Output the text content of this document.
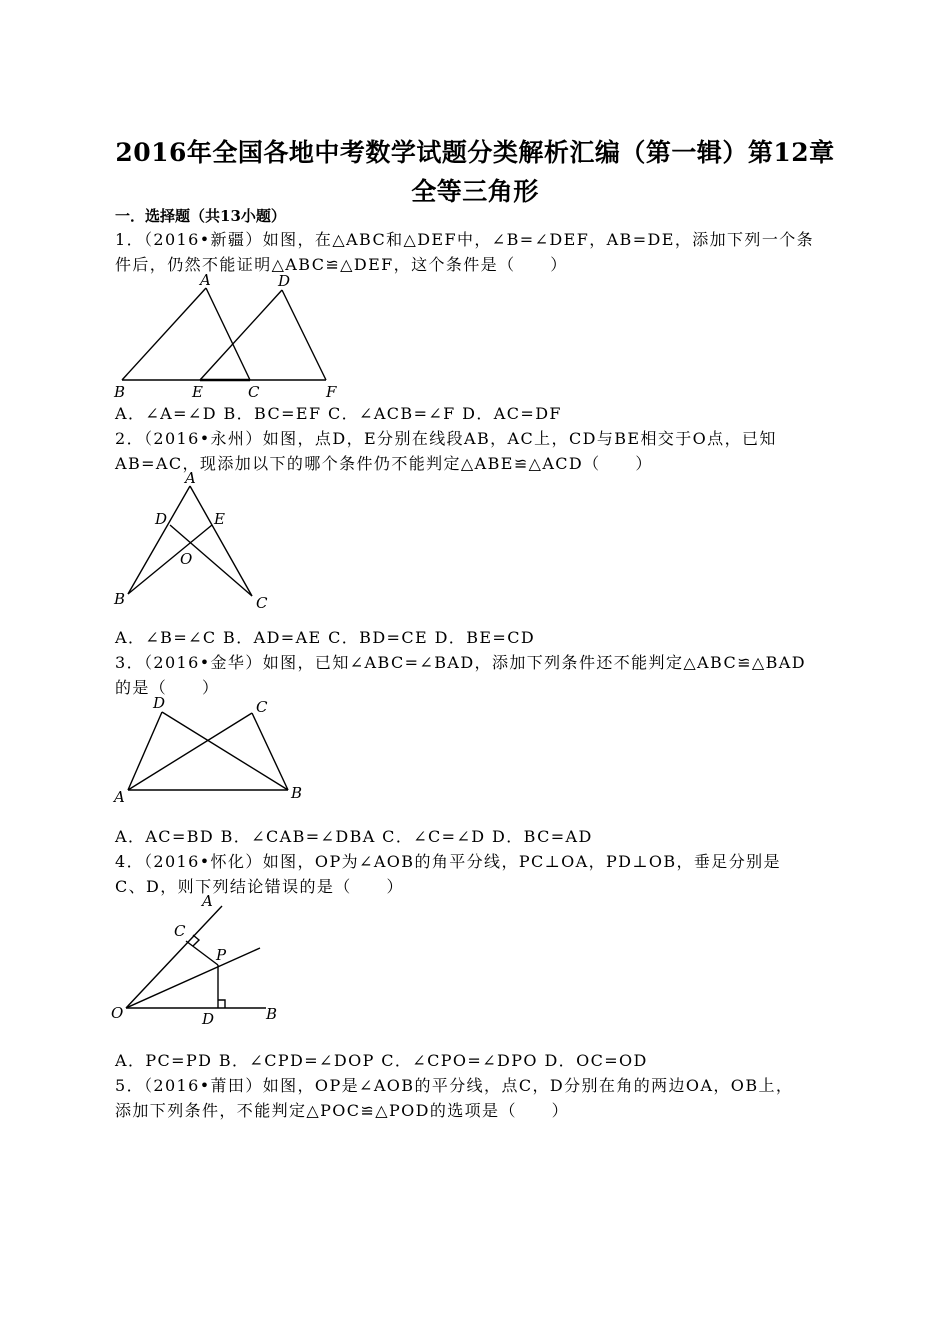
2016年全国各地中考数学试题分类解析汇编（第一辑）第12章
全等三角形
一．选择题（共13小题）
1．（2016•新疆）如图，在△ABC和△DEF中，∠B=∠DEF，AB=DE，添加下列一个条
件后，仍然不能证明△ABC≌△DEF，这个条件是（　　）
A	D
B	E	C	F
A．∠A=∠D B．BC=EF C．∠ACB=∠F D．AC=DF
2．（2016•永州）如图，点D，E分别在线段AB，AC上，CD与BE相交于O点，已知
AB=AC，现添加以下的哪个条件仍不能判定△ABE≌△ACD（　　）
A
D	E
O
B	C
A．∠B=∠C B．AD=AE C．BD=CE D．BE=CD
3．（2016•金华）如图，已知∠ABC=∠BAD，添加下列条件还不能判定△ABC≌△BAD
的是（　　）
D	C
A	B
A．AC=BD B．∠CAB=∠DBA C．∠C=∠D D．BC=AD
4．（2016•怀化）如图，OP为∠AOB的角平分线，PC⊥OA，PD⊥OB，垂足分别是
C、D，则下列结论错误的是（　　）
A
C
P
O	D	B
A．PC=PD B．∠CPD=∠DOP C．∠CPO=∠DPO D．OC=OD
5．（2016•莆田）如图，OP是∠AOB的平分线，点C，D分别在角的两边OA，OB上，
添加下列条件，不能判定△POC≌△POD的选项是（　　）
